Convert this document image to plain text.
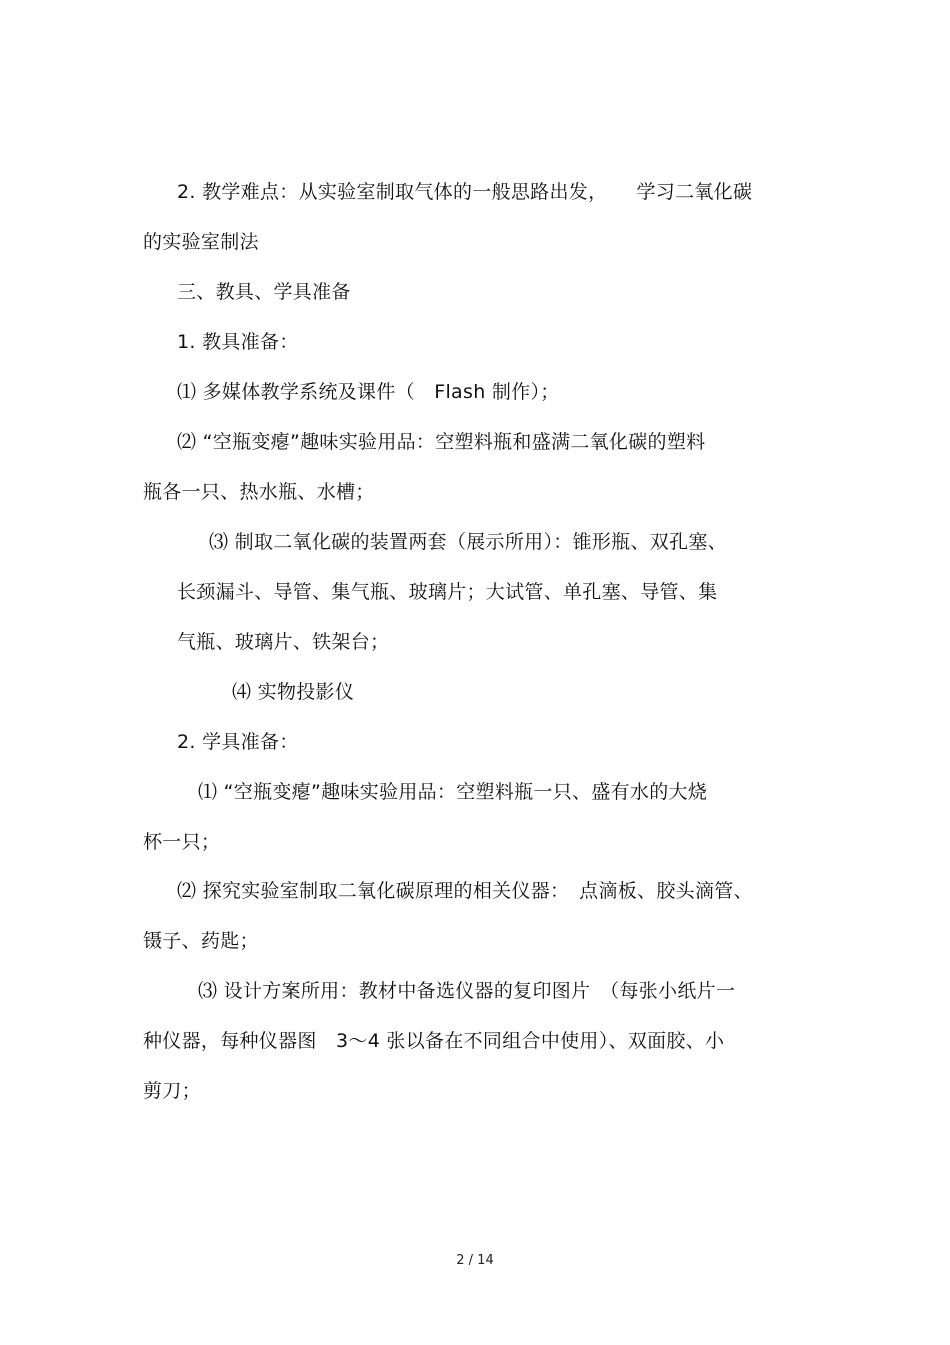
2. 教学难点：从实验室制取气体的一般思路出发，　　学习二氧化碳
的实验室制法
三、教具、学具准备
1. 教具准备：
⑴ 多媒体教学系统及课件（　Flash 制作）；
⑵ “空瓶变瘪”趣味实验用品：空塑料瓶和盛满二氧化碳的塑料
瓶各一只、热水瓶、水槽；
⑶ 制取二氧化碳的装置两套（展示所用）：锥形瓶、双孔塞、
长颈漏斗、导管、集气瓶、玻璃片；大试管、单孔塞、导管、集
气瓶、玻璃片、铁架台；
⑷ 实物投影仪
2. 学具准备：
⑴ “空瓶变瘪”趣味实验用品：空塑料瓶一只、盛有水的大烧
杯一只；
⑵ 探究实验室制取二氧化碳原理的相关仪器：　点滴板、胶头滴管、
镊子、药匙；
⑶ 设计方案所用：教材中备选仪器的复印图片　（每张小纸片一
种仪器，每种仪器图　3～4 张以备在不同组合中使用）、双面胶、小
剪刀；
2 / 14
